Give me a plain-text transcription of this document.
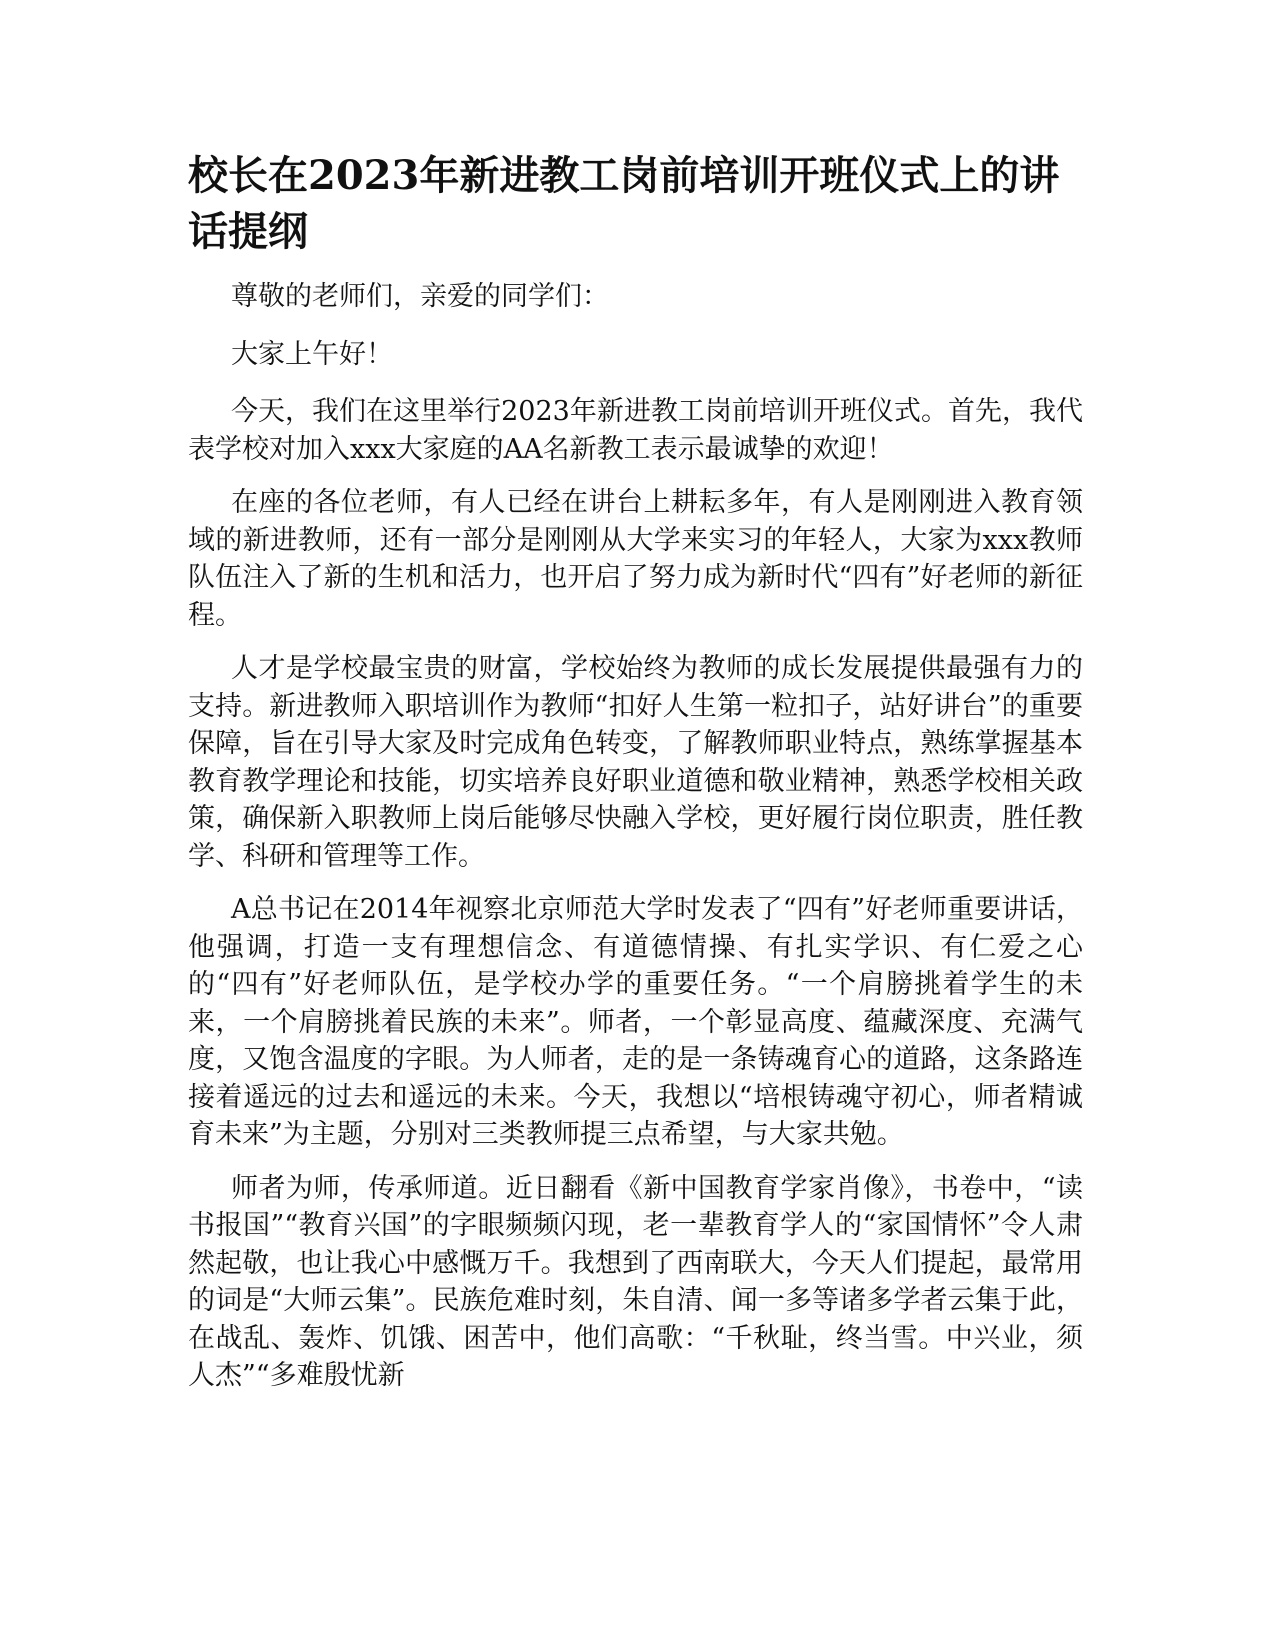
校长在2023年新进教工岗前培训开班仪式上的讲话提纲

尊敬的老师们，亲爱的同学们：

大家上午好！

今天，我们在这里举行2023年新进教工岗前培训开班仪式。首先，我代表学校对加入xxx大家庭的AA名新教工表示最诚挚的欢迎！

在座的各位老师，有人已经在讲台上耕耘多年，有人是刚刚进入教育领域的新进教师，还有一部分是刚刚从大学来实习的年轻人，大家为xxx教师队伍注入了新的生机和活力，也开启了努力成为新时代“四有”好老师的新征程。

人才是学校最宝贵的财富，学校始终为教师的成长发展提供最强有力的支持。新进教师入职培训作为教师“扣好人生第一粒扣子，站好讲台”的重要保障，旨在引导大家及时完成角色转变，了解教师职业特点，熟练掌握基本教育教学理论和技能，切实培养良好职业道德和敬业精神，熟悉学校相关政策，确保新入职教师上岗后能够尽快融入学校，更好履行岗位职责，胜任教学、科研和管理等工作。

A总书记在2014年视察北京师范大学时发表了“四有”好老师重要讲话，他强调，打造一支有理想信念、有道德情操、有扎实学识、有仁爱之心的“四有”好老师队伍，是学校办学的重要任务。“一个肩膀挑着学生的未来，一个肩膀挑着民族的未来”。师者，一个彰显高度、蕴藏深度、充满气度，又饱含温度的字眼。为人师者，走的是一条铸魂育心的道路，这条路连接着遥远的过去和遥远的未来。今天，我想以“培根铸魂守初心，师者精诚育未来”为主题，分别对三类教师提三点希望，与大家共勉。

师者为师，传承师道。近日翻看《新中国教育学家肖像》，书卷中，“读书报国”“教育兴国”的字眼频频闪现，老一辈教育学人的“家国情怀”令人肃然起敬，也让我心中感慨万千。我想到了西南联大，今天人们提起，最常用的词是“大师云集”。民族危难时刻，朱自清、闻一多等诸多学者云集于此，在战乱、轰炸、饥饿、困苦中，他们高歌：“千秋耻，终当雪。中兴业，须人杰”“多难殷忧新
